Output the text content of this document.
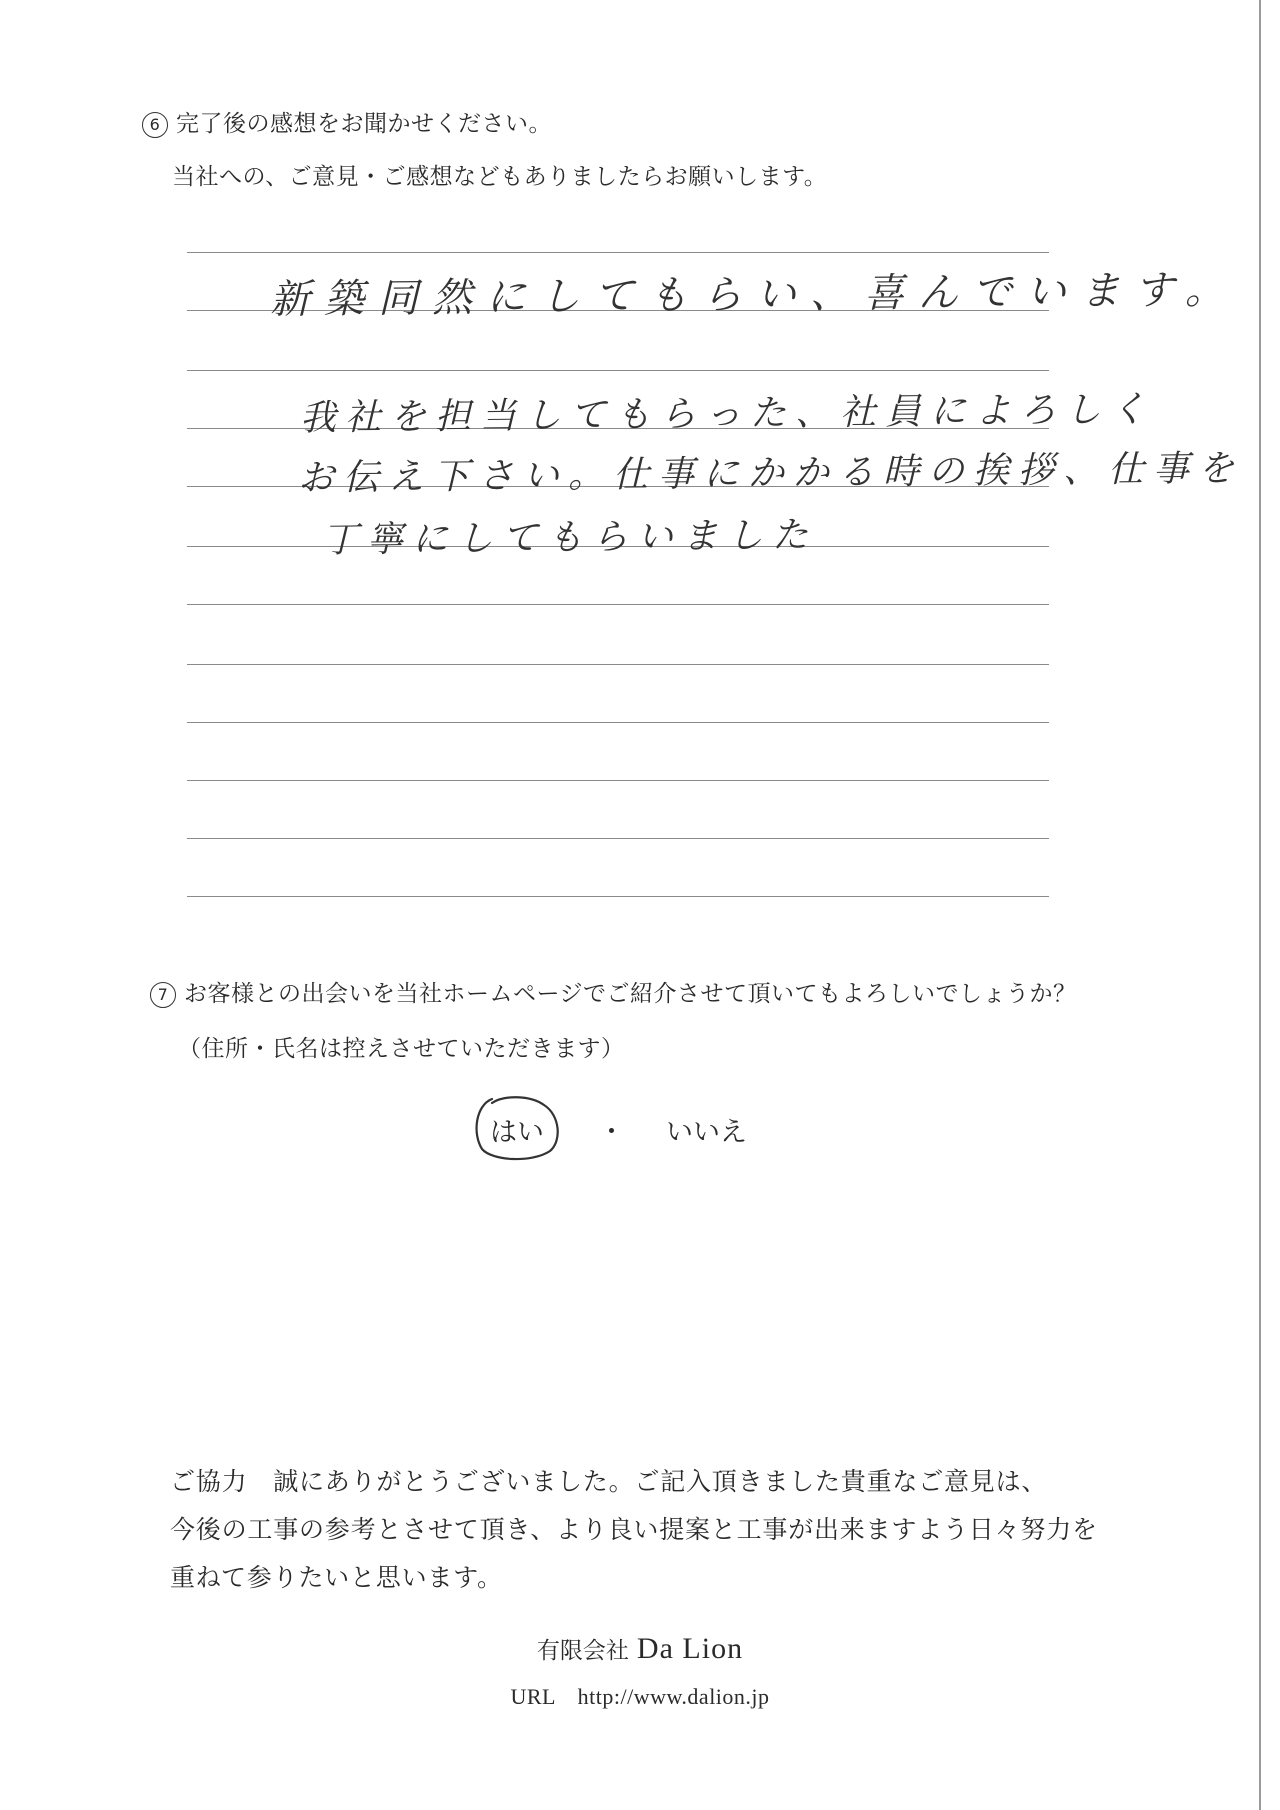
6 完了後の感想をお聞かせください。
当社への、ご意見・ご感想などもありましたらお願いします。
新築同然にしてもらい、喜んでいます。
我社を担当してもらった、社員によろしく
お伝え下さい。仕事にかかる時の挨拶、仕事を
丁寧にしてもらいました
7 お客様との出会いを当社ホームページでご紹介させて頂いてもよろしいでしょうか？
（住所・氏名は控えさせていただきます）
はい ・ いいえ
ご協力　誠にありがとうございました。ご記入頂きました貴重なご意見は、
今後の工事の参考とさせて頂き、より良い提案と工事が出来ますよう日々努力を
重ねて参りたいと思います。
有限会社 Da Lion
URL　http://www.dalion.jp
